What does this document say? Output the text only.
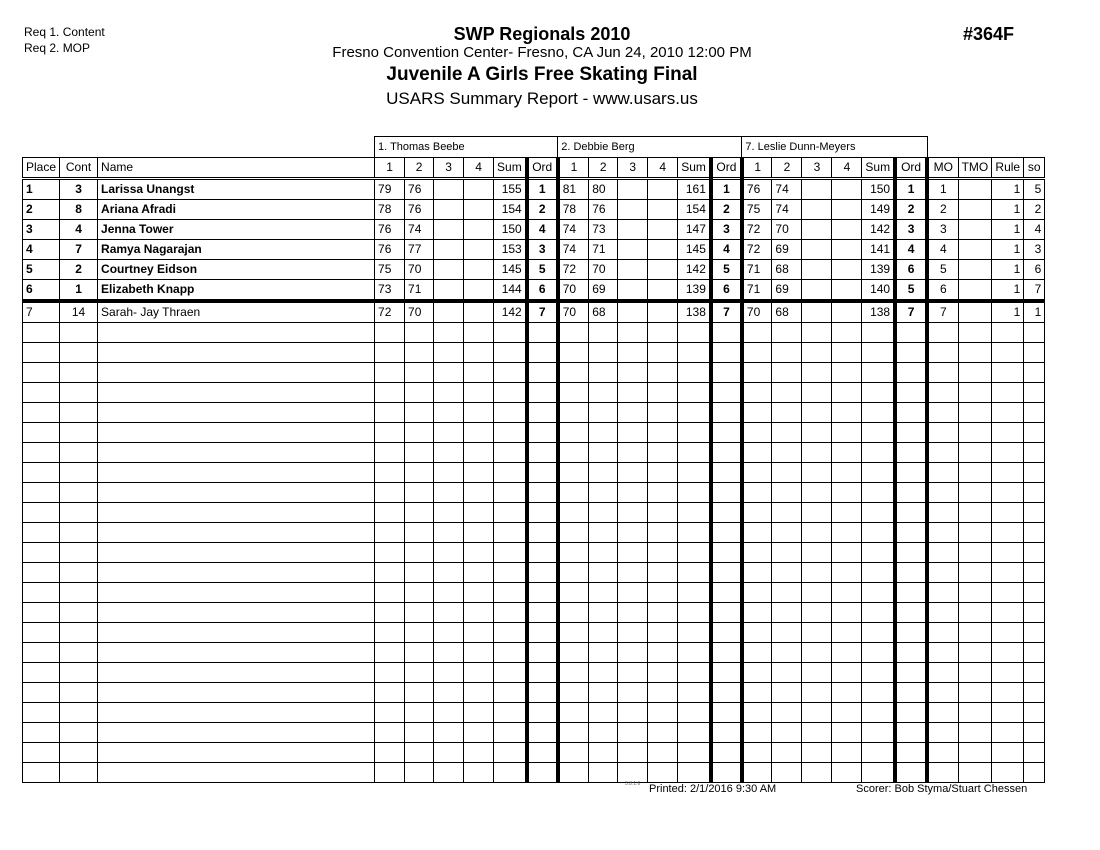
Req 1. Content
Req 2. MOP
SWP Regionals 2010
Fresno Convention Center- Fresno, CA Jun 24, 2010 12:00 PM
Juvenile A Girls Free Skating Final
USARS Summary Report - www.usars.us
#364F
			1. Thomas Beebe						2. Debbie Berg						7. Leslie Dunn-Meyers									
Place	Cont	Name	1	2	3	4	Sum	Ord	1	2	3	4	Sum	Ord	1	2	3	4	Sum	Ord	MO	TMO	Rule	so
1	3	Larissa Unangst	79	76			155	1	81	80			161	1	76	74			150	1	1		1	5
2	8	Ariana Afradi	78	76			154	2	78	76			154	2	75	74			149	2	2		1	2
3	4	Jenna Tower	76	74			150	4	74	73			147	3	72	70			142	3	3		1	4
4	7	Ramya Nagarajan	76	77			153	3	74	71			145	4	72	69			141	4	4		1	3
5	2	Courtney Eidson	75	70			145	5	72	70			142	5	71	68			139	6	5		1	6
6	1	Elizabeth Knapp	73	71			144	6	70	69			139	6	71	69			140	5	6		1	7
7	14	Sarah- Jay Thraen	72	70			142	7	70	68			138	7	70	68			138	7	7		1	1

3.8.1.6 Printed: 2/1/2016 9:30 AM	Scorer: Bob Styma/Stuart Chessen
